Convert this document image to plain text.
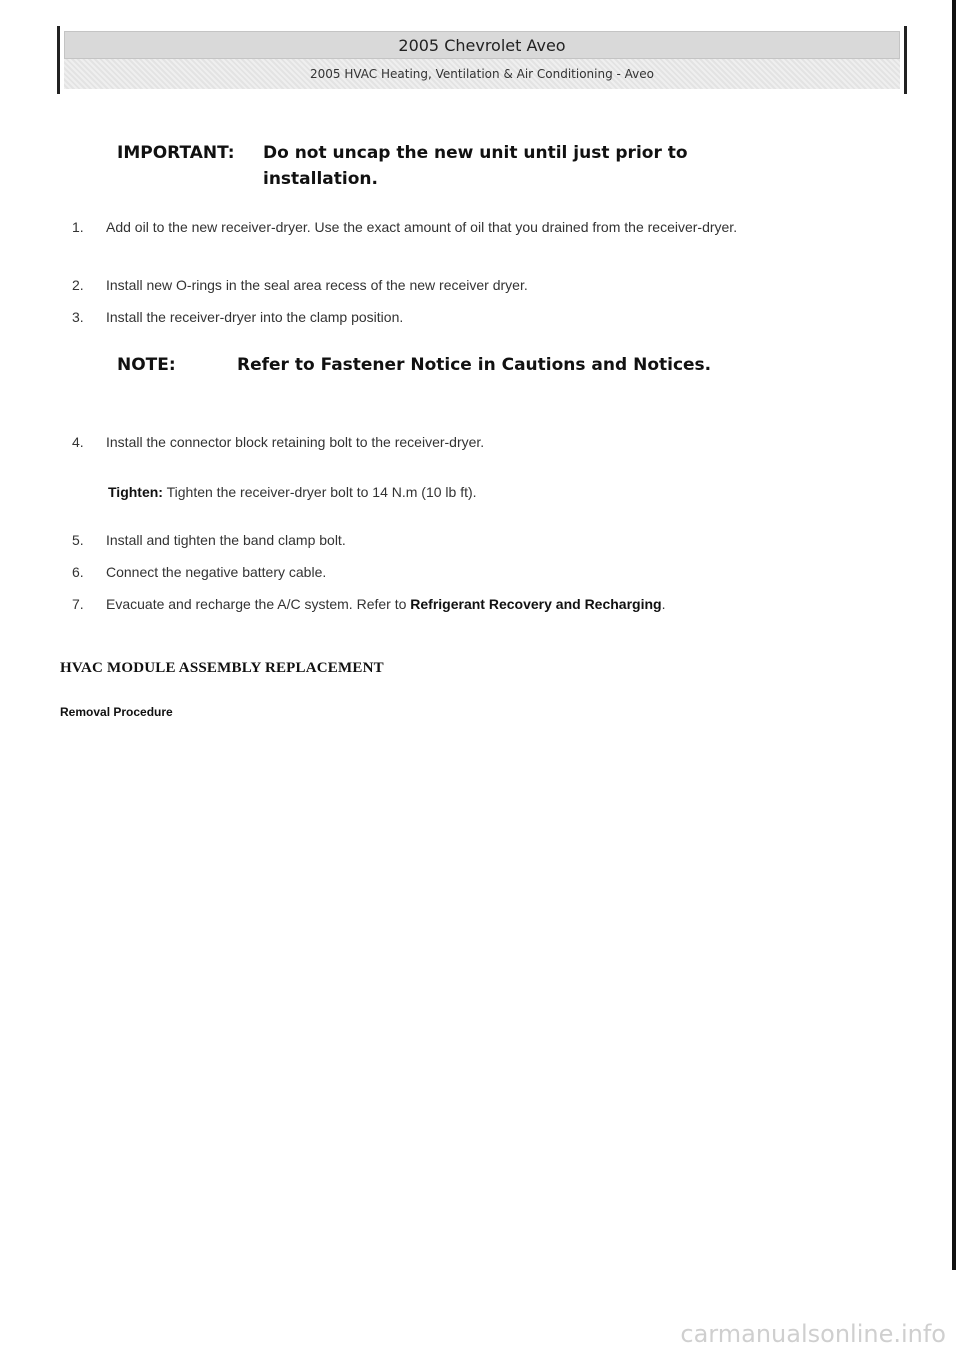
2005 Chevrolet Aveo
2005 HVAC Heating, Ventilation & Air Conditioning - Aveo
IMPORTANT:	Do not uncap the new unit until just prior to installation.
1.	Add oil to the new receiver-dryer. Use the exact amount of oil that you drained from the receiver-dryer.
2.	Install new O-rings in the seal area recess of the new receiver dryer.
3.	Install the receiver-dryer into the clamp position.
NOTE:	Refer to Fastener Notice in Cautions and Notices.
4.	Install the connector block retaining bolt to the receiver-dryer.
Tighten: Tighten the receiver-dryer bolt to 14 N.m (10 lb ft).
5.	Install and tighten the band clamp bolt.
6.	Connect the negative battery cable.
7.	Evacuate and recharge the A/C system. Refer to Refrigerant Recovery and Recharging.
HVAC MODULE ASSEMBLY REPLACEMENT
Removal Procedure
carmanualsonline.info
